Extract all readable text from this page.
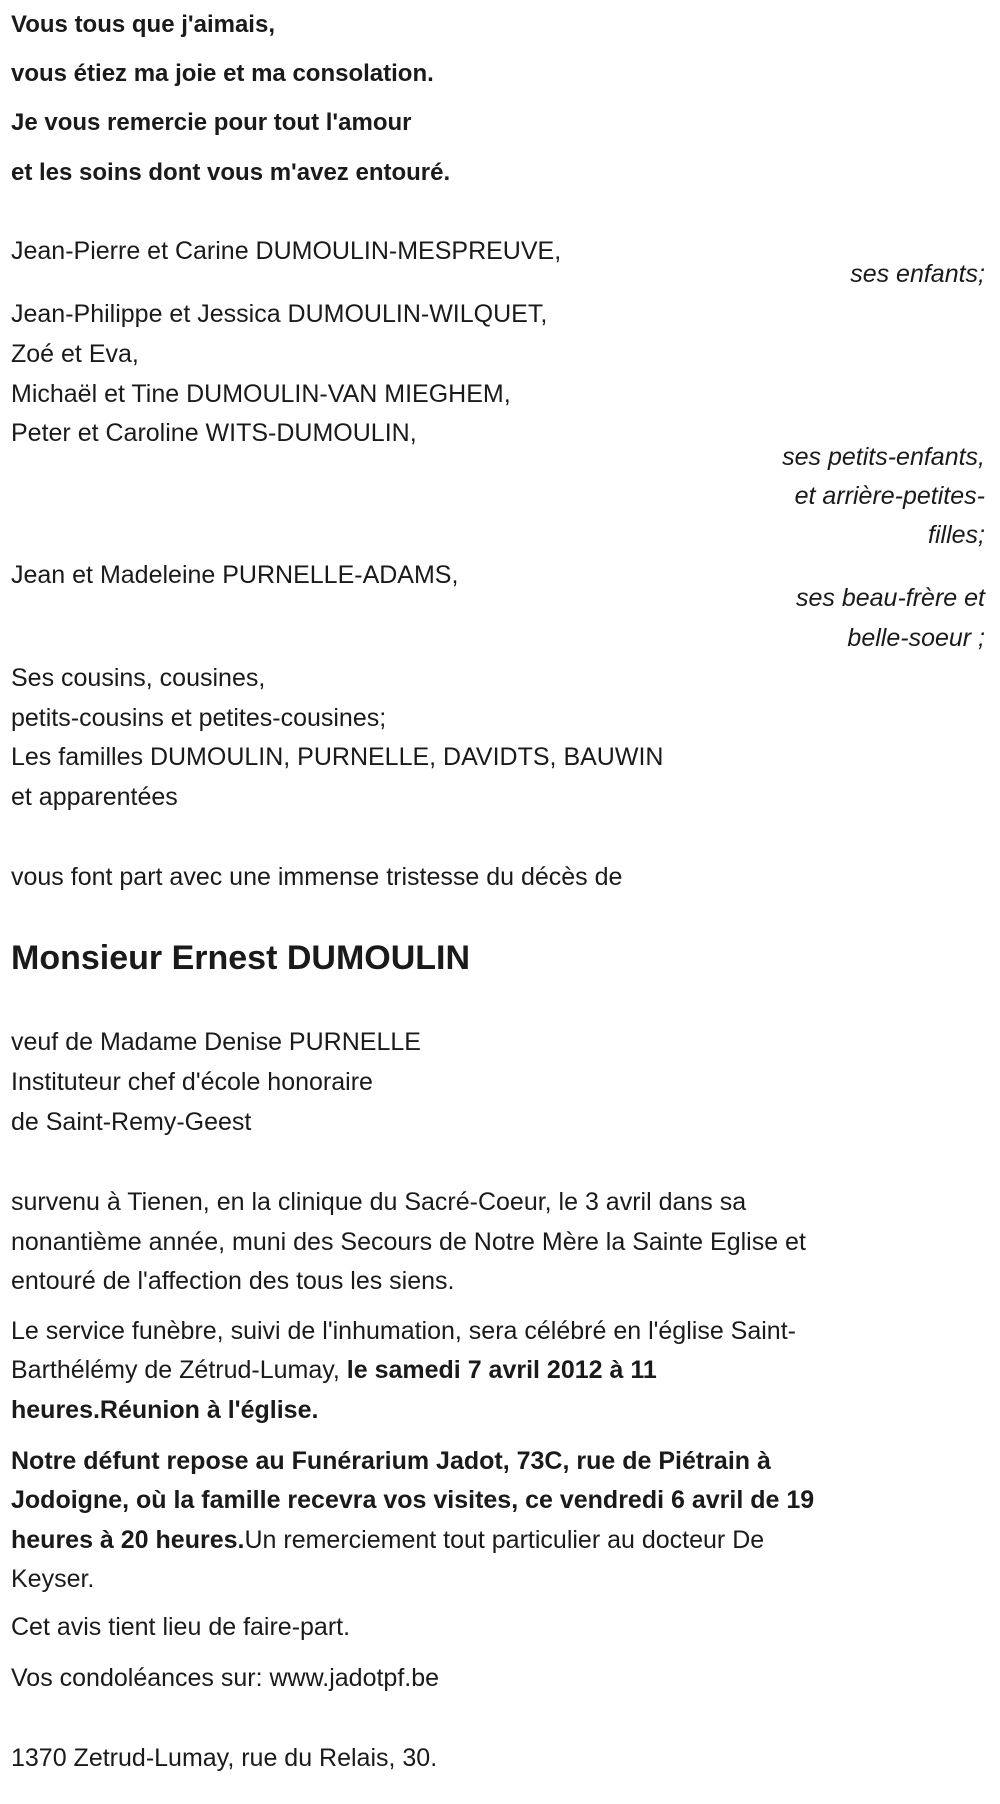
Vous tous que j'aimais,
vous étiez ma joie et ma consolation.
Je vous remercie pour tout l'amour
et les soins dont vous m'avez entouré.
Jean-Pierre et Carine DUMOULIN-MESPREUVE,
ses enfants;
Jean-Philippe et Jessica DUMOULIN-WILQUET,
Zoé et Eva,
Michaël et Tine DUMOULIN-VAN MIEGHEM,
Peter et Caroline WITS-DUMOULIN,
ses petits-enfants,
et arrière-petites-
filles;
Jean et Madeleine PURNELLE-ADAMS,
ses beau-frère et
belle-soeur ;
Ses cousins, cousines,
petits-cousins et petites-cousines;
Les familles DUMOULIN, PURNELLE, DAVIDTS, BAUWIN
et apparentées
vous font part avec une immense tristesse du décès de
Monsieur Ernest DUMOULIN
veuf de Madame Denise PURNELLE
Instituteur chef d'école honoraire
de Saint-Remy-Geest
survenu à Tienen, en la clinique du Sacré-Coeur, le 3 avril dans sa
nonantième année, muni des Secours de Notre Mère la Sainte Eglise et
entouré de l'affection des tous les siens.
Le service funèbre, suivi de l'inhumation, sera célébré en l'église Saint-
Barthélémy de Zétrud-Lumay, le samedi 7 avril 2012 à 11
heures.Réunion à l'église.
Notre défunt repose au Funérarium Jadot, 73C, rue de Piétrain à
Jodoigne, où la famille recevra vos visites, ce vendredi 6 avril de 19
heures à 20 heures.Un remerciement tout particulier au docteur De
Keyser.
Cet avis tient lieu de faire-part.
Vos condoléances sur: www.jadotpf.be
1370 Zetrud-Lumay, rue du Relais, 30.
